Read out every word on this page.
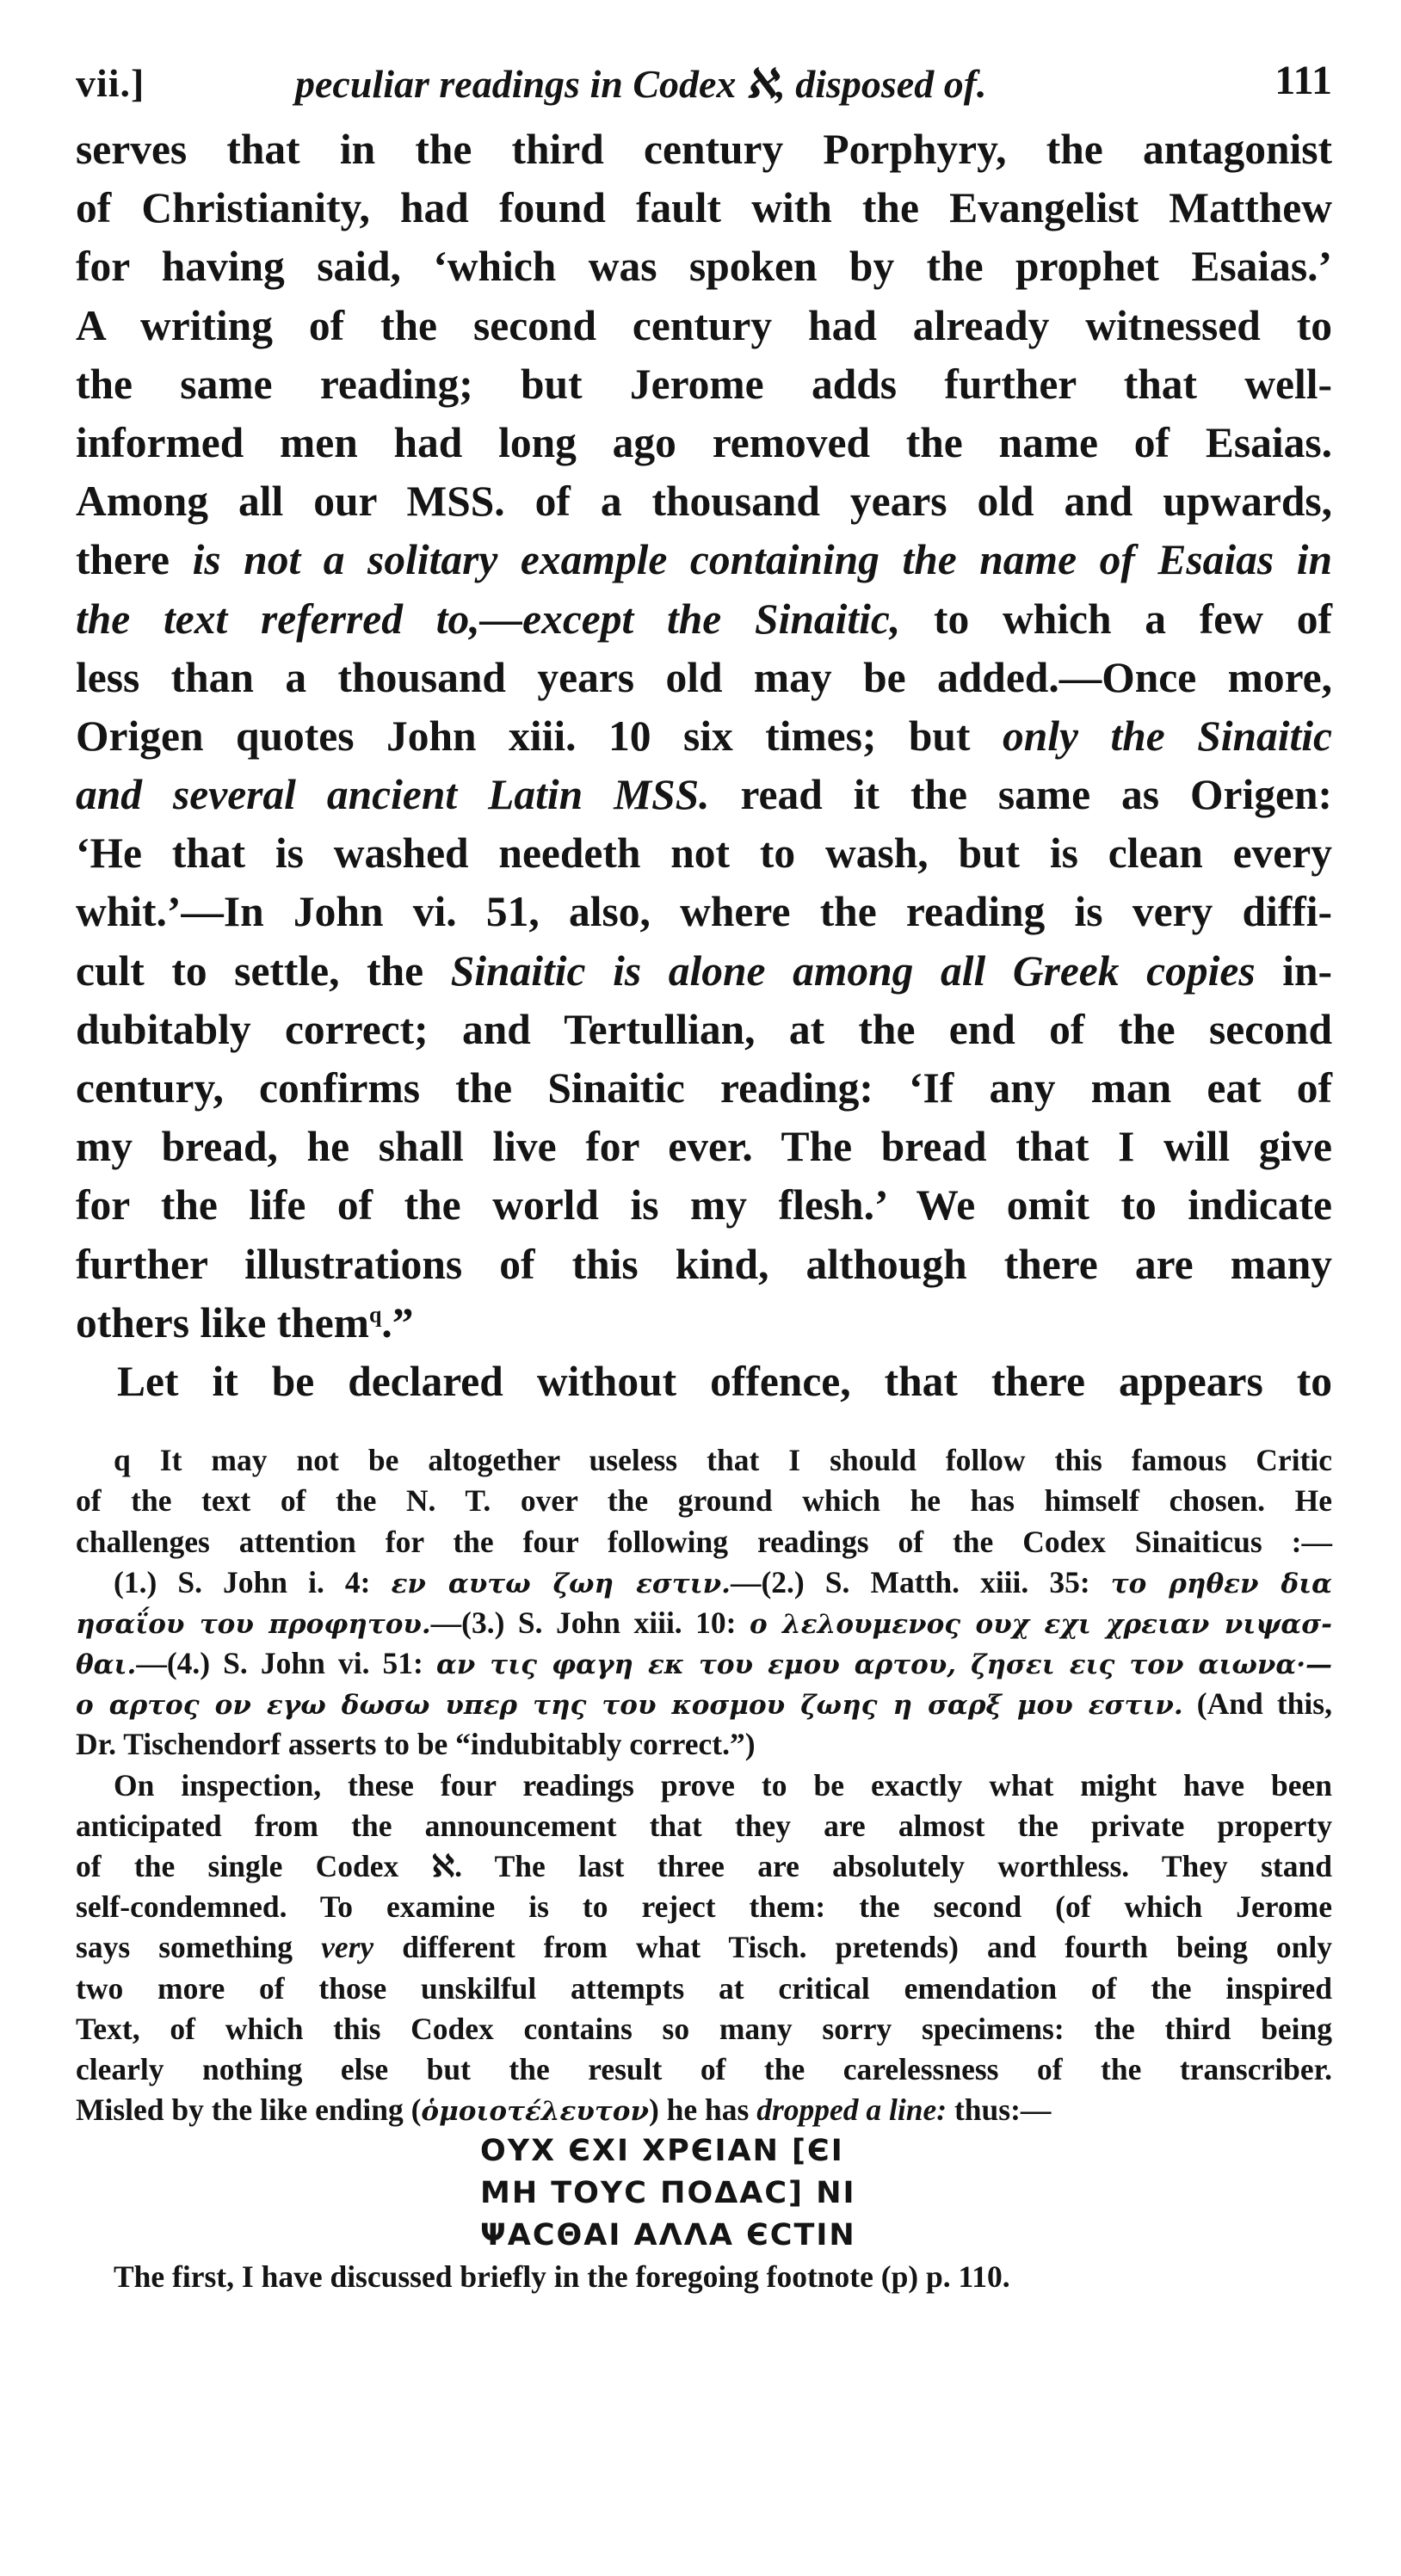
vii.]	peculiar readings in Codex ℵ, disposed of.	111
serves that in the third century Porphyry, the antagonist
of Christianity, had found fault with the Evangelist Matthew
for having said, ‘which was spoken by the prophet Esaias.’
A writing of the second century had already witnessed to
the same reading; but Jerome adds further that well-
informed men had long ago removed the name of Esaias.
Among all our MSS. of a thousand years old and upwards,
there is not a solitary example containing the name of Esaias in
the text referred to,—except the Sinaitic, to which a few of
less than a thousand years old may be added.—Once more,
Origen quotes John xiii. 10 six times; but only the Sinaitic
and several ancient Latin MSS. read it the same as Origen:
‘He that is washed needeth not to wash, but is clean every
whit.’—In John vi. 51, also, where the reading is very diffi-
cult to settle, the Sinaitic is alone among all Greek copies in-
dubitably correct; and Tertullian, at the end of the second
century, confirms the Sinaitic reading: ‘If any man eat of
my bread, he shall live for ever. The bread that I will give
for the life of the world is my flesh.’ We omit to indicate
further illustrations of this kind, although there are many
others like them$^q$.”
Let it be declared without offence, that there appears to
q It may not be altogether useless that I should follow this famous Critic
of the text of the N. T. over the ground which he has himself chosen. He
challenges attention for the four following readings of the Codex Sinaiticus :—
(1.) S. John i. 4: εν αυτω ζωη εστιν.—(2.) S. Matth. xiii. 35: το ρηθεν δια
ησαΐου του προφητου.—(3.) S. John xiii. 10: ο λελουμενος ουχ εχι χρειαν νιψασ-
θαι.—(4.) S. John vi. 51: αν τις φαγη εκ του εμου αρτου, ζησει εις τον αιωνα·—
ο αρτος ον εγω δωσω υπερ της του κοσμου ζωης η σαρξ μου εστιν. (And this,
Dr. Tischendorf asserts to be “indubitably correct.”)
On inspection, these four readings prove to be exactly what might have been
anticipated from the announcement that they are almost the private property
of the single Codex ℵ. The last three are absolutely worthless. They stand
self-condemned. To examine is to reject them: the second (of which Jerome
says something very different from what Tisch. pretends) and fourth being only
two more of those unskilful attempts at critical emendation of the inspired
Text, of which this Codex contains so many sorry specimens: the third being
clearly nothing else but the result of the carelessness of the transcriber.
Misled by the like ending (ὁμοιοτέλευτον) he has dropped a line: thus:—
ΟΥΧ ЄΧΙ ΧΡЄΙΑΝ [ЄΙ
ΜΗ ΤΟΥϹ ΠΟΔΑϹ] ΝΙ
ΨΑϹΘΑΙ ΑΛΛΑ ЄϹΤΙΝ
The first, I have discussed briefly in the foregoing footnote (p) p. 110.
